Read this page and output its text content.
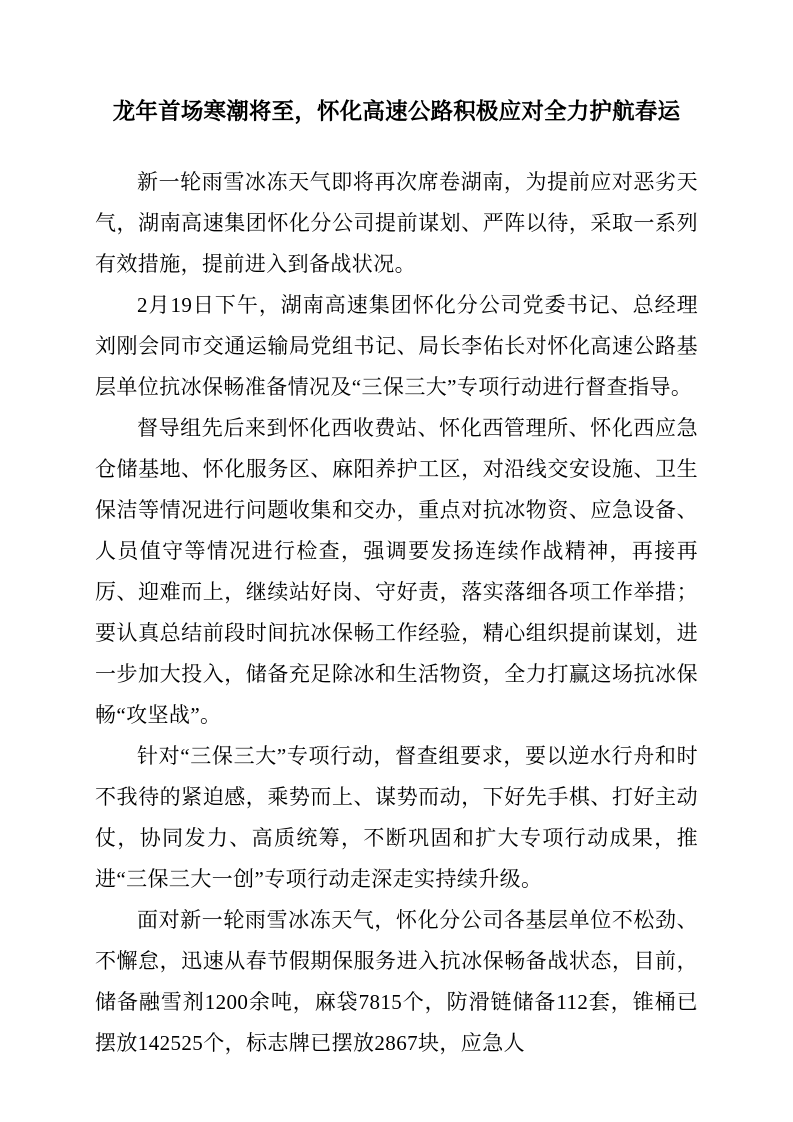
龙年首场寒潮将至，怀化高速公路积极应对全力护航春运

新一轮雨雪冰冻天气即将再次席卷湖南，为提前应对恶劣天气，湖南高速集团怀化分公司提前谋划、严阵以待，采取一系列有效措施，提前进入到备战状况。

2月19日下午，湖南高速集团怀化分公司党委书记、总经理刘刚会同市交通运输局党组书记、局长李佑长对怀化高速公路基层单位抗冰保畅准备情况及“三保三大”专项行动进行督查指导。

督导组先后来到怀化西收费站、怀化西管理所、怀化西应急仓储基地、怀化服务区、麻阳养护工区，对沿线交安设施、卫生保洁等情况进行问题收集和交办，重点对抗冰物资、应急设备、人员值守等情况进行检查，强调要发扬连续作战精神，再接再厉、迎难而上，继续站好岗、守好责，落实落细各项工作举措；要认真总结前段时间抗冰保畅工作经验，精心组织提前谋划，进一步加大投入，储备充足除冰和生活物资，全力打赢这场抗冰保畅“攻坚战”。

针对“三保三大”专项行动，督查组要求，要以逆水行舟和时不我待的紧迫感，乘势而上、谋势而动，下好先手棋、打好主动仗，协同发力、高质统筹，不断巩固和扩大专项行动成果，推进“三保三大一创”专项行动走深走实持续升级。

面对新一轮雨雪冰冻天气，怀化分公司各基层单位不松劲、不懈怠，迅速从春节假期保服务进入抗冰保畅备战状态，目前，储备融雪剂1200余吨，麻袋7815个，防滑链储备112套，锥桶已摆放142525个，标志牌已摆放2867块，应急人
